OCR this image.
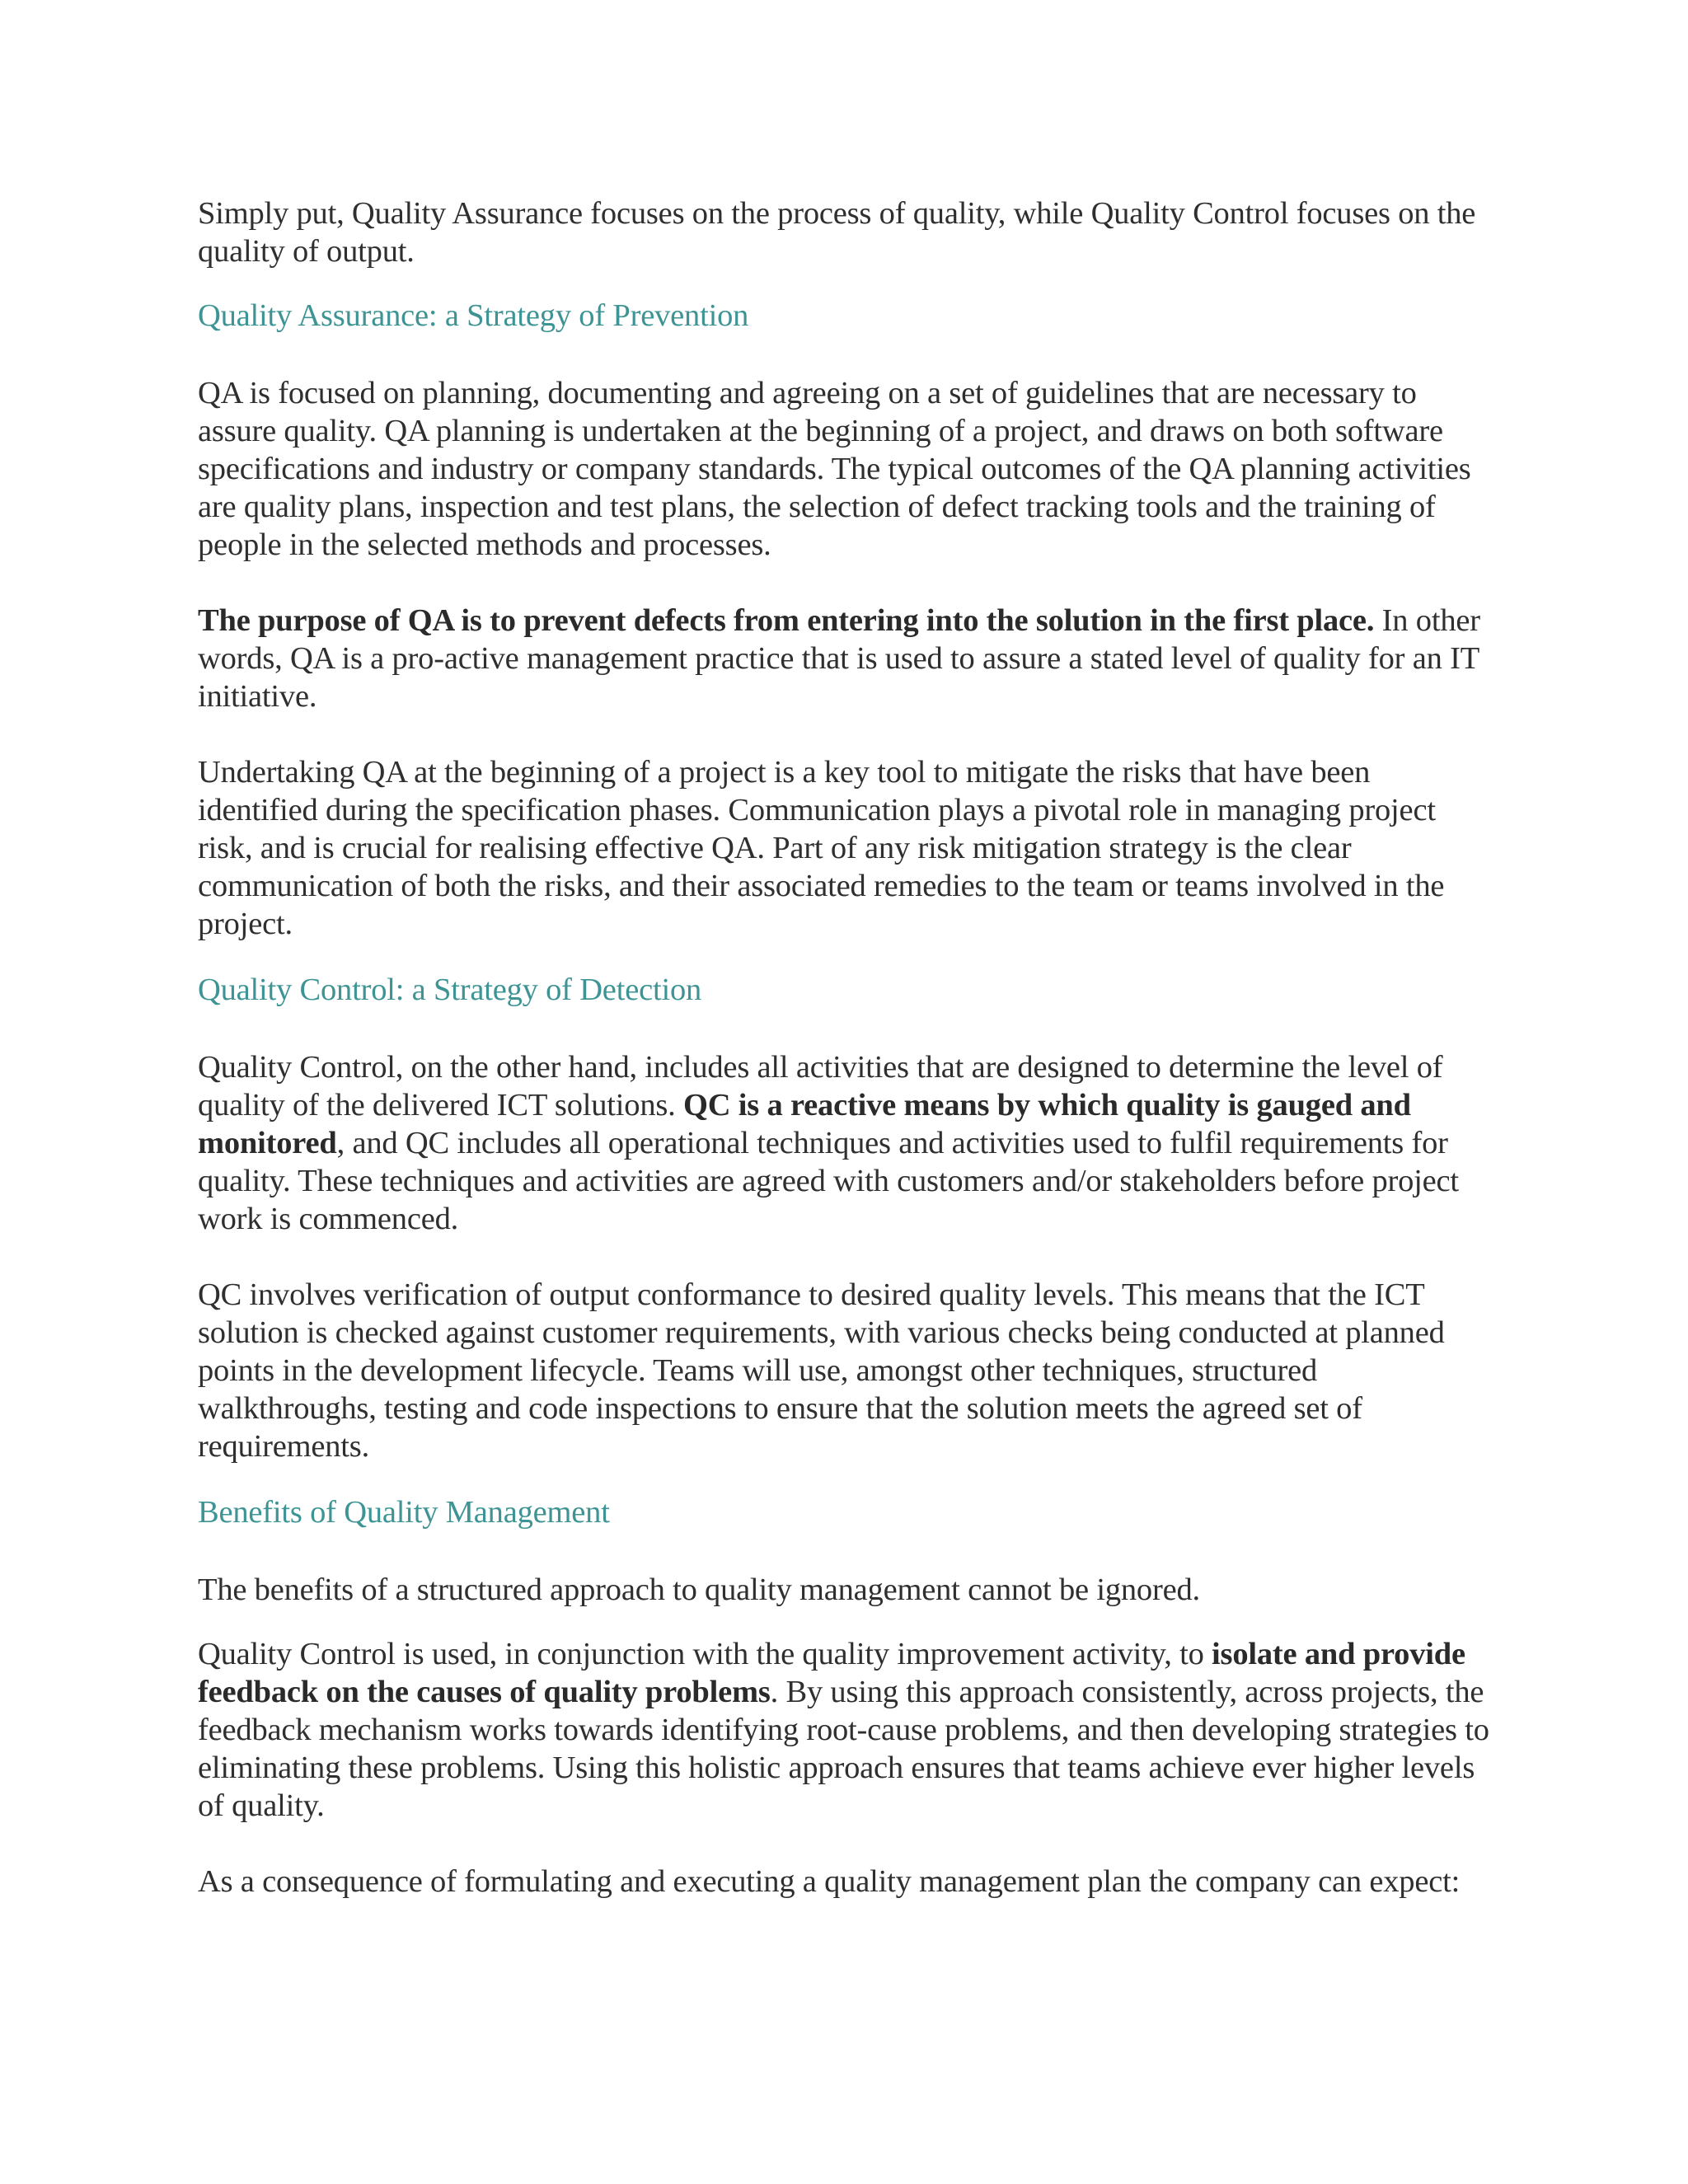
Simply put, Quality Assurance focuses on the process of quality, while Quality Control focuses on the quality of output.

Quality Assurance: a Strategy of Prevention

QA is focused on planning, documenting and agreeing on a set of guidelines that are necessary to assure quality. QA planning is undertaken at the beginning of a project, and draws on both software specifications and industry or company standards. The typical outcomes of the QA planning activities are quality plans, inspection and test plans, the selection of defect tracking tools and the training of people in the selected methods and processes.

The purpose of QA is to prevent defects from entering into the solution in the first place. In other words, QA is a pro-active management practice that is used to assure a stated level of quality for an IT initiative.

Undertaking QA at the beginning of a project is a key tool to mitigate the risks that have been identified during the specification phases. Communication plays a pivotal role in managing project risk, and is crucial for realising effective QA. Part of any risk mitigation strategy is the clear communication of both the risks, and their associated remedies to the team or teams involved in the project.

Quality Control: a Strategy of Detection

Quality Control, on the other hand, includes all activities that are designed to determine the level of quality of the delivered ICT solutions. QC is a reactive means by which quality is gauged and monitored, and QC includes all operational techniques and activities used to fulfil requirements for quality. These techniques and activities are agreed with customers and/or stakeholders before project work is commenced.

QC involves verification of output conformance to desired quality levels. This means that the ICT solution is checked against customer requirements, with various checks being conducted at planned points in the development lifecycle. Teams will use, amongst other techniques, structured walkthroughs, testing and code inspections to ensure that the solution meets the agreed set of requirements.

Benefits of Quality Management

The benefits of a structured approach to quality management cannot be ignored.

Quality Control is used, in conjunction with the quality improvement activity, to isolate and provide feedback on the causes of quality problems. By using this approach consistently, across projects, the feedback mechanism works towards identifying root-cause problems, and then developing strategies to eliminating these problems. Using this holistic approach ensures that teams achieve ever higher levels of quality.

As a consequence of formulating and executing a quality management plan the company can expect:
